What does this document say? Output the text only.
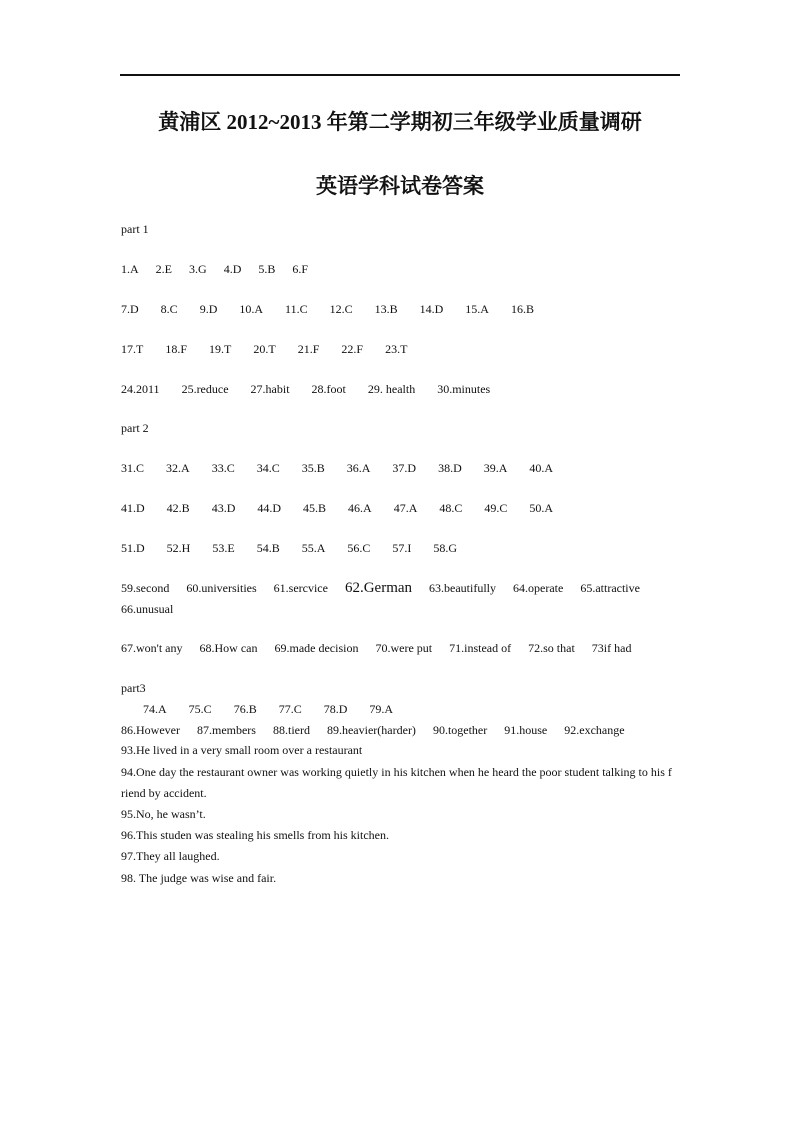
黄浦区 2012~2013 年第二学期初三年级学业质量调研
英语学科试卷答案
part 1
1.A 2.E 3.G 4.D 5.B 6.F
7.D 8.C 9.D 10.A 11.C 12.C 13.B 14.D 15.A 16.B
17.T 18.F 19.T 20.T 21.F 22.F 23.T
24.2011 25.reduce 27.habit 28.foot 29. health 30.minutes
part 2
31.C 32.A 33.C 34.C 35.B 36.A 37.D 38.D 39.A 40.A
41.D 42.B 43.D 44.D 45.B 46.A 47.A 48.C 49.C 50.A
51.D 52.H 53.E 54.B 55.A 56.C 57.I 58.G
59.second 60.universities 61.sercvice 62.German 63.beautifully 64.operate 65.attractive
66.unusual
67.won't any 68.How can 69.made decision 70.were put 71.instead of 72.so that 73if had
part3
74.A 75.C 76.B 77.C 78.D 79.A
86.However 87.members 88.tierd 89.heavier(harder) 90.together 91.house 92.exchange
93.He lived in a very small room over a restaurant
94.One day the restaurant owner was working quietly in his kitchen when he heard the poor student talking to his f riend by accident.
95.No, he wasn’t.
96.This studen was stealing his smells from his kitchen.
97.They all laughed.
98. The judge was wise and fair.
